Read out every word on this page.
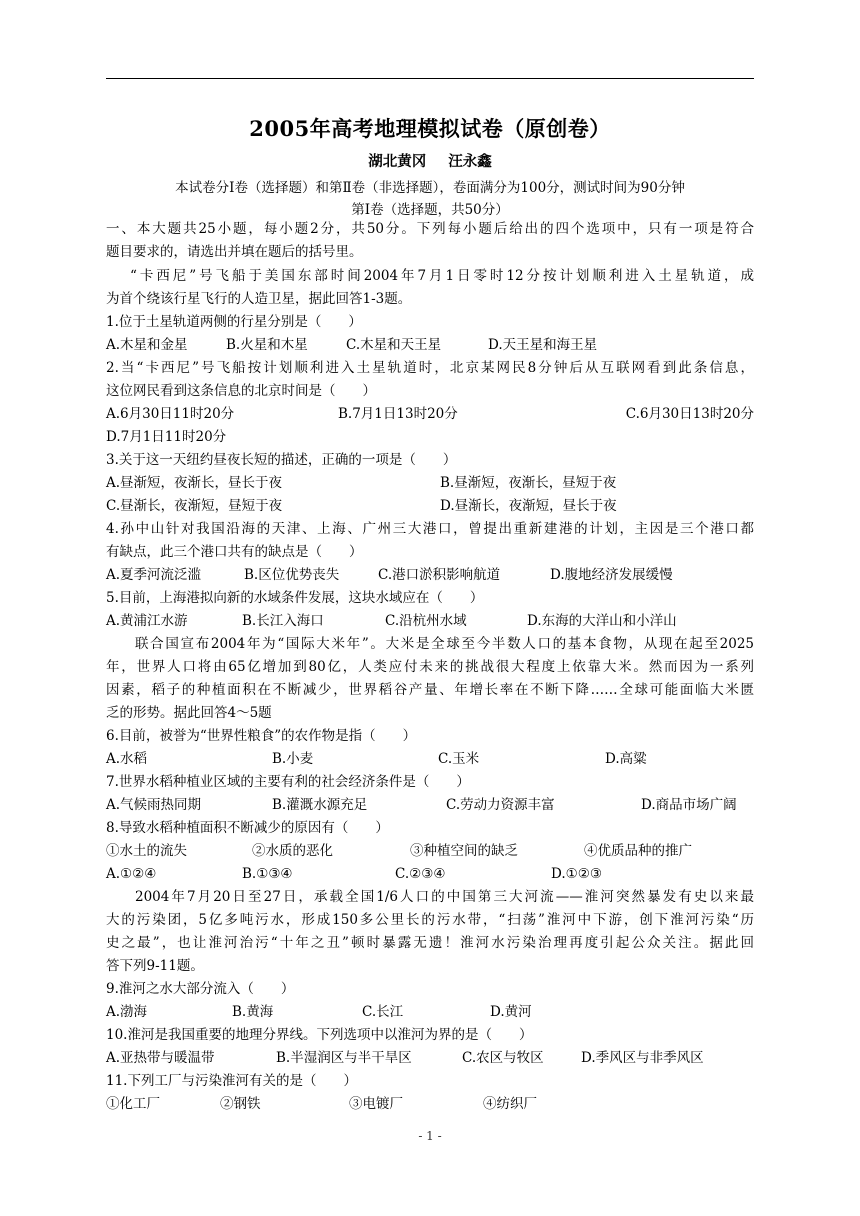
2005年高考地理模拟试卷（原创卷）
湖北黄冈 汪永鑫
本试卷分Ⅰ卷（选择题）和第Ⅱ卷（非选择题），卷面满分为100分，测试时间为90分钟
第Ⅰ卷（选择题，共50分）
一、本大题共25小题，每小题2分，共50分。下列每小题后给出的四个选项中，只有一项是符合
题目要求的，请选出并填在题后的括号里。
“卡西尼”号飞船于美国东部时间2004年7月1日零时12分按计划顺利进入土星轨道，成
为首个绕该行星飞行的人造卫星，据此回答1-3题。
1.位于土星轨道两侧的行星分别是（　　）
A.木星和金星	B.火星和木星	C.木星和天王星	D.天王星和海王星
2.当“卡西尼”号飞船按计划顺利进入土星轨道时，北京某网民8分钟后从互联网看到此条信息，
这位网民看到这条信息的北京时间是（　　）
A.6月30日11时20分	B.7月1日13时20分	C.6月30日13时20分
D.7月1日11时20分
3.关于这一天纽约昼夜长短的描述，正确的一项是（　　）
A.昼渐短，夜渐长，昼长于夜	B.昼渐短，夜渐长，昼短于夜
C.昼渐长，夜渐短，昼短于夜	D.昼渐长，夜渐短，昼长于夜
4.孙中山针对我国沿海的天津、上海、广州三大港口，曾提出重新建港的计划，主因是三个港口都
有缺点，此三个港口共有的缺点是（　　）
A.夏季河流泛滥	B.区位优势丧失	C.港口淤积影响航道	D.腹地经济发展缓慢
5.目前，上海港拟向新的水域条件发展，这块水域应在（　　）
A.黄浦江水游	B.长江入海口	C.沿杭州水域	D.东海的大洋山和小洋山
联合国宣布2004年为“国际大米年”。大米是全球至今半数人口的基本食物，从现在起至2025
年，世界人口将由65亿增加到80亿，人类应付未来的挑战很大程度上依靠大米。然而因为一系列
因素，稻子的种植面积在不断减少，世界稻谷产量、年增长率在不断下降……全球可能面临大米匮
乏的形势。据此回答4～5题
6.目前，被誉为“世界性粮食”的农作物是指（　　）
A.水稻	B.小麦	C.玉米	D.高粱
7.世界水稻种植业区域的主要有利的社会经济条件是（　　）
A.气候雨热同期	B.灌溉水源充足	C.劳动力资源丰富	D.商品市场广阔
8.导致水稻种植面积不断减少的原因有（　　）
①水土的流失	②水质的恶化	③种植空间的缺乏	④优质品种的推广
A.①②④	B.①③④	C.②③④	D.①②③
2004年7月20日至27日，承载全国1/6人口的中国第三大河流——淮河突然暴发有史以来最
大的污染团，5亿多吨污水，形成150多公里长的污水带，“扫荡”淮河中下游，创下淮河污染“历
史之最”，也让淮河治污“十年之丑”顿时暴露无遗！淮河水污染治理再度引起公众关注。据此回
答下列9-11题。
9.淮河之水大部分流入（　　）
A.渤海	B.黄海	C.长江	D.黄河
10.淮河是我国重要的地理分界线。下列选项中以淮河为界的是（　　）
A.亚热带与暖温带	B.半湿润区与半干旱区	C.农区与牧区	D.季风区与非季风区
11.下列工厂与污染淮河有关的是（　　）
①化工厂	②钢铁	③电镀厂	④纺织厂
- 1 -
